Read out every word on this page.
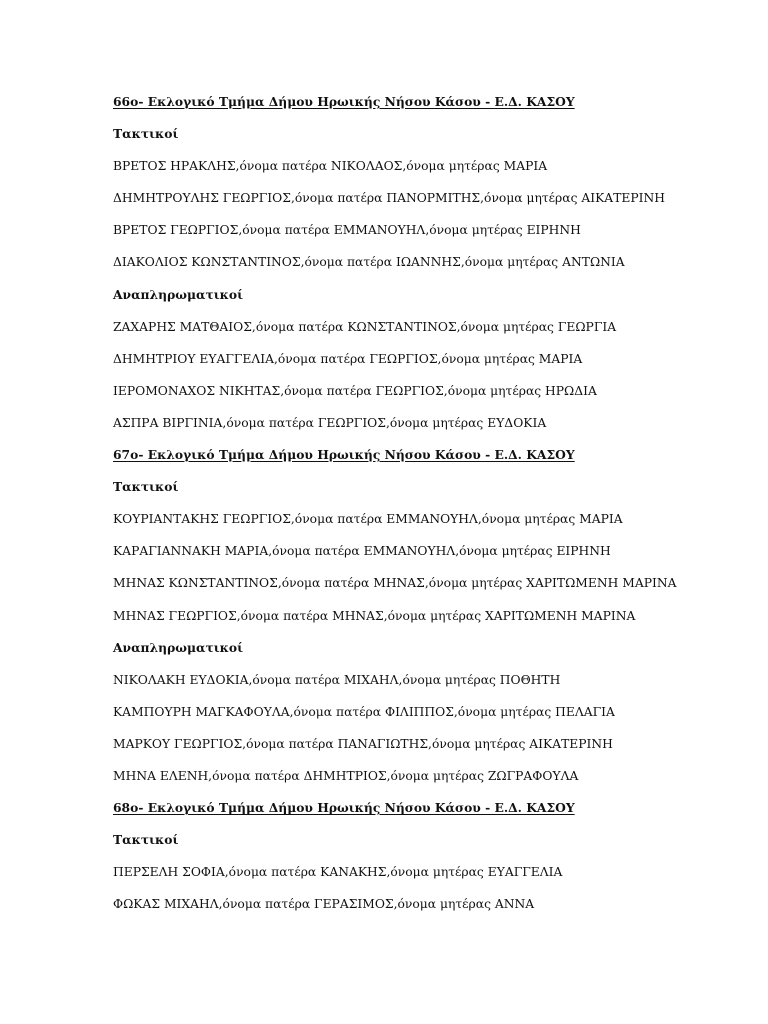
66ο- Εκλογικό Τμήμα Δήμου Ηρωικής Νήσου Κάσου - Ε.Δ. ΚΑΣΟΥ
Τακτικοί
ΒΡΕΤΟΣ ΗΡΑΚΛΗΣ,όνομα πατέρα ΝΙΚΟΛΑΟΣ,όνομα μητέρας ΜΑΡΙΑ
ΔΗΜΗΤΡΟΥΛΗΣ ΓΕΩΡΓΙΟΣ,όνομα πατέρα ΠΑΝΟΡΜΙΤΗΣ,όνομα μητέρας ΑΙΚΑΤΕΡΙΝΗ
ΒΡΕΤΟΣ ΓΕΩΡΓΙΟΣ,όνομα πατέρα ΕΜΜΑΝΟΥΗΛ,όνομα μητέρας ΕΙΡΗΝΗ
ΔΙΑΚΟΛΙΟΣ ΚΩΝΣΤΑΝΤΙΝΟΣ,όνομα πατέρα ΙΩΑΝΝΗΣ,όνομα μητέρας ΑΝΤΩΝΙΑ
Αναπληρωματικοί
ΖΑΧΑΡΗΣ ΜΑΤΘΑΙΟΣ,όνομα πατέρα ΚΩΝΣΤΑΝΤΙΝΟΣ,όνομα μητέρας ΓΕΩΡΓΙΑ
ΔΗΜΗΤΡΙΟΥ ΕΥΑΓΓΕΛΙΑ,όνομα πατέρα ΓΕΩΡΓΙΟΣ,όνομα μητέρας ΜΑΡΙΑ
ΙΕΡΟΜΟΝΑΧΟΣ ΝΙΚΗΤΑΣ,όνομα πατέρα ΓΕΩΡΓΙΟΣ,όνομα μητέρας ΗΡΩΔΙΑ
ΑΣΠΡΑ ΒΙΡΓΙΝΙΑ,όνομα πατέρα ΓΕΩΡΓΙΟΣ,όνομα μητέρας ΕΥΔΟΚΙΑ
67ο- Εκλογικό Τμήμα Δήμου Ηρωικής Νήσου Κάσου - Ε.Δ. ΚΑΣΟΥ
Τακτικοί
ΚΟΥΡΙΑΝΤΑΚΗΣ ΓΕΩΡΓΙΟΣ,όνομα πατέρα ΕΜΜΑΝΟΥΗΛ,όνομα μητέρας ΜΑΡΙΑ
ΚΑΡΑΓΙΑΝΝΑΚΗ ΜΑΡΙΑ,όνομα πατέρα ΕΜΜΑΝΟΥΗΛ,όνομα μητέρας ΕΙΡΗΝΗ
ΜΗΝΑΣ ΚΩΝΣΤΑΝΤΙΝΟΣ,όνομα πατέρα ΜΗΝΑΣ,όνομα μητέρας ΧΑΡΙΤΩΜΕΝΗ ΜΑΡΙΝΑ
ΜΗΝΑΣ ΓΕΩΡΓΙΟΣ,όνομα πατέρα ΜΗΝΑΣ,όνομα μητέρας ΧΑΡΙΤΩΜΕΝΗ ΜΑΡΙΝΑ
Αναπληρωματικοί
ΝΙΚΟΛΑΚΗ ΕΥΔΟΚΙΑ,όνομα πατέρα ΜΙΧΑΗΛ,όνομα μητέρας ΠΟΘΗΤΗ
ΚΑΜΠΟΥΡΗ ΜΑΓΚΑΦΟΥΛΑ,όνομα πατέρα ΦΙΛΙΠΠΟΣ,όνομα μητέρας ΠΕΛΑΓΙΑ
ΜΑΡΚΟΥ ΓΕΩΡΓΙΟΣ,όνομα πατέρα ΠΑΝΑΓΙΩΤΗΣ,όνομα μητέρας ΑΙΚΑΤΕΡΙΝΗ
ΜΗΝΑ ΕΛΕΝΗ,όνομα πατέρα ΔΗΜΗΤΡΙΟΣ,όνομα μητέρας ΖΩΓΡΑΦΟΥΛΑ
68ο- Εκλογικό Τμήμα Δήμου Ηρωικής Νήσου Κάσου - Ε.Δ. ΚΑΣΟΥ
Τακτικοί
ΠΕΡΣΕΛΗ ΣΟΦΙΑ,όνομα πατέρα ΚΑΝΑΚΗΣ,όνομα μητέρας ΕΥΑΓΓΕΛΙΑ
ΦΩΚΑΣ ΜΙΧΑΗΛ,όνομα πατέρα ΓΕΡΑΣΙΜΟΣ,όνομα μητέρας ΑΝΝΑ
